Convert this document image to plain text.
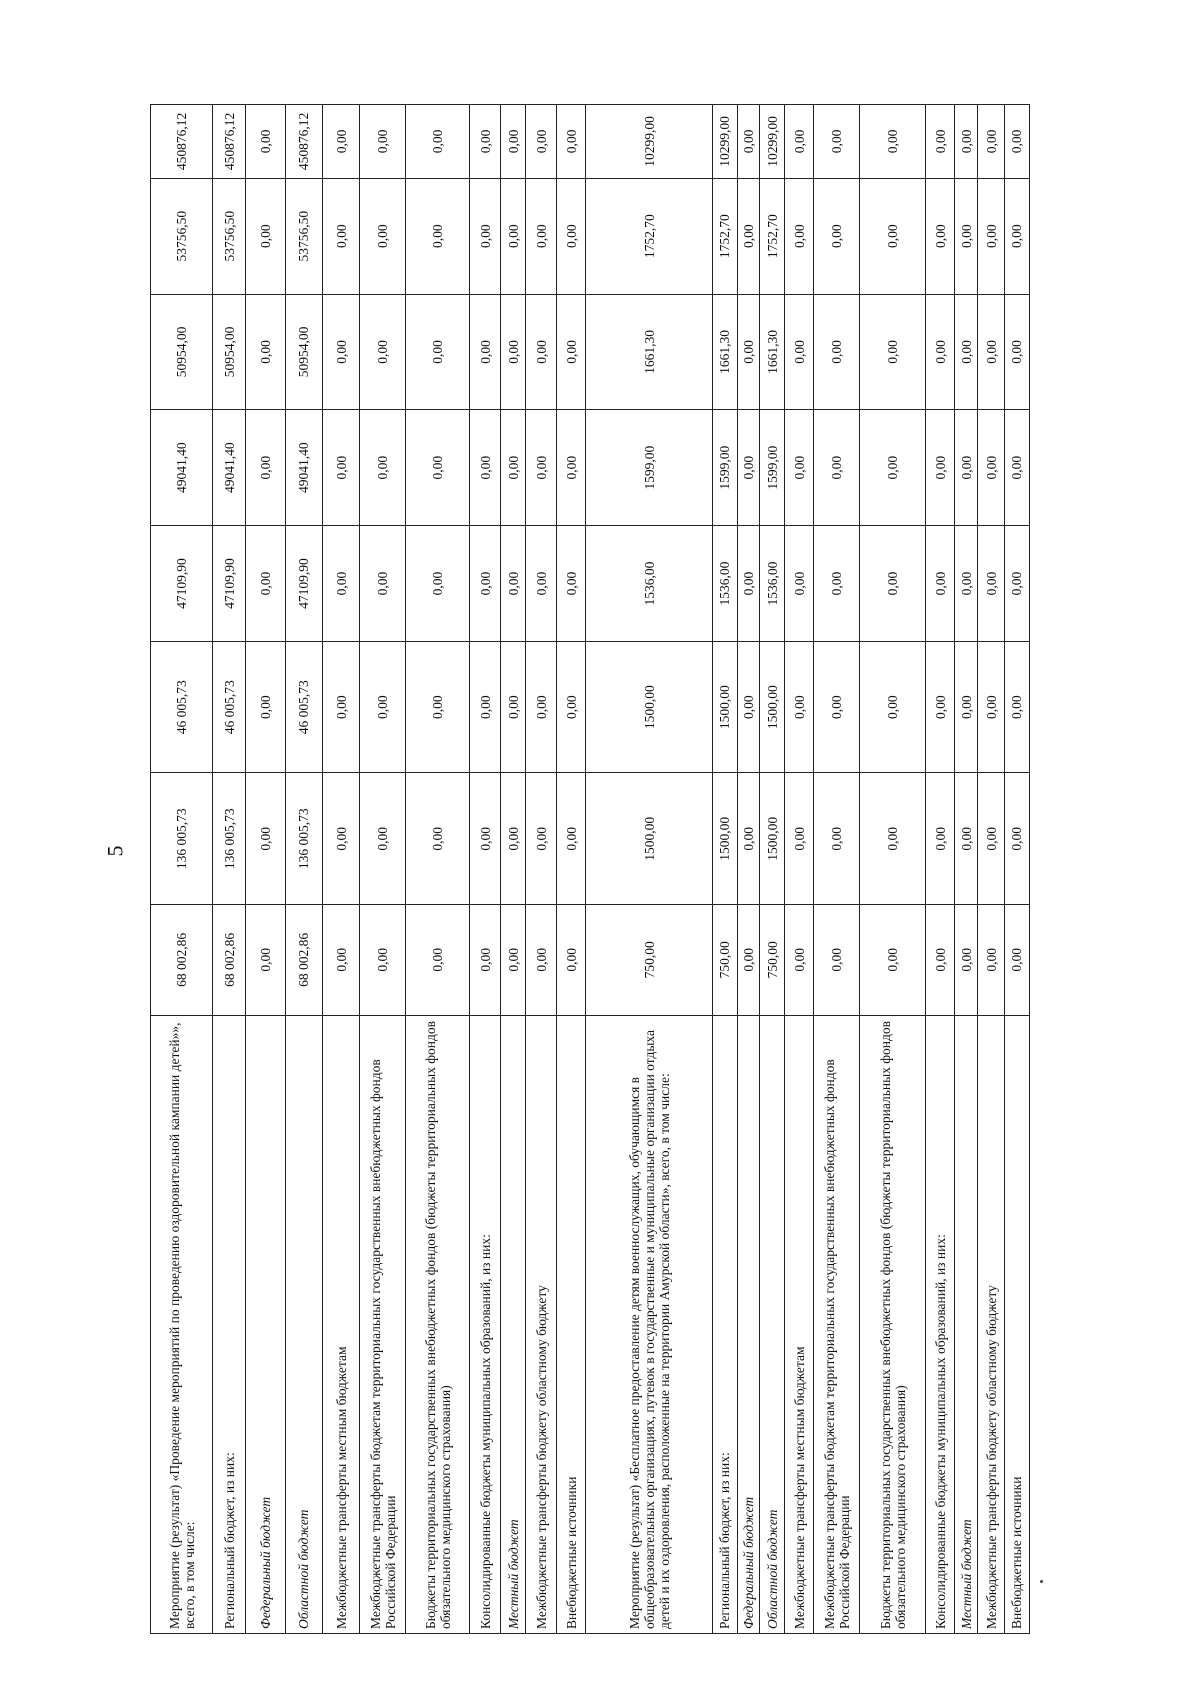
5
Мероприятие (результат) «Проведение мероприятий по проведению оздоровительной кампании детей»», всего, в том числе:	68 002,86	136 005,73	46 005,73	47109,90	49041,40	50954,00	53756,50	450876,12
Региональный бюджет, из них:	68 002,86	136 005,73	46 005,73	47109,90	49041,40	50954,00	53756,50	450876,12
Федеральный бюджет	0,00	0,00	0,00	0,00	0,00	0,00	0,00	0,00
Областной бюджет	68 002,86	136 005,73	46 005,73	47109,90	49041,40	50954,00	53756,50	450876,12
Межбюджетные трансферты местным бюджетам	0,00	0,00	0,00	0,00	0,00	0,00	0,00	0,00
Межбюджетные трансферты бюджетам территориальных государственных внебюджетных фондов Российской Федерации	0,00	0,00	0,00	0,00	0,00	0,00	0,00	0,00
Бюджеты территориальных государственных внебюджетных фондов (бюджеты территориальных фондов обязательного медицинского страхования)	0,00	0,00	0,00	0,00	0,00	0,00	0,00	0,00
Консолидированные бюджеты муниципальных образований, из них:	0,00	0,00	0,00	0,00	0,00	0,00	0,00	0,00
Местный бюджет	0,00	0,00	0,00	0,00	0,00	0,00	0,00	0,00
Межбюджетные трансферты бюджету областному бюджету	0,00	0,00	0,00	0,00	0,00	0,00	0,00	0,00
Внебюджетные источники	0,00	0,00	0,00	0,00	0,00	0,00	0,00	0,00
Мероприятие (результат) «Бесплатное предоставление детям военнослужащих, обучающимся в общеобразовательных организациях, путевок в государственные и муниципальные организации отдыха детей и их оздоровления, расположенные на территории Амурской области», всего, в том числе:	750,00	1500,00	1500,00	1536,00	1599,00	1661,30	1752,70	10299,00
Региональный бюджет, из них:	750,00	1500,00	1500,00	1536,00	1599,00	1661,30	1752,70	10299,00
Федеральный бюджет	0,00	0,00	0,00	0,00	0,00	0,00	0,00	0,00
Областной бюджет	750,00	1500,00	1500,00	1536,00	1599,00	1661,30	1752,70	10299,00
Межбюджетные трансферты местным бюджетам	0,00	0,00	0,00	0,00	0,00	0,00	0,00	0,00
Межбюджетные трансферты бюджетам территориальных государственных внебюджетных фондов Российской Федерации	0,00	0,00	0,00	0,00	0,00	0,00	0,00	0,00
Бюджеты территориальных государственных внебюджетных фондов (бюджеты территориальных фондов обязательного медицинского страхования)	0,00	0,00	0,00	0,00	0,00	0,00	0,00	0,00
Консолидированные бюджеты муниципальных образований, из них:	0,00	0,00	0,00	0,00	0,00	0,00	0,00	0,00
Местный бюджет	0,00	0,00	0,00	0,00	0,00	0,00	0,00	0,00
Межбюджетные трансферты бюджету областному бюджету	0,00	0,00	0,00	0,00	0,00	0,00	0,00	0,00
Внебюджетные источники	0,00	0,00	0,00	0,00	0,00	0,00	0,00	0,00
